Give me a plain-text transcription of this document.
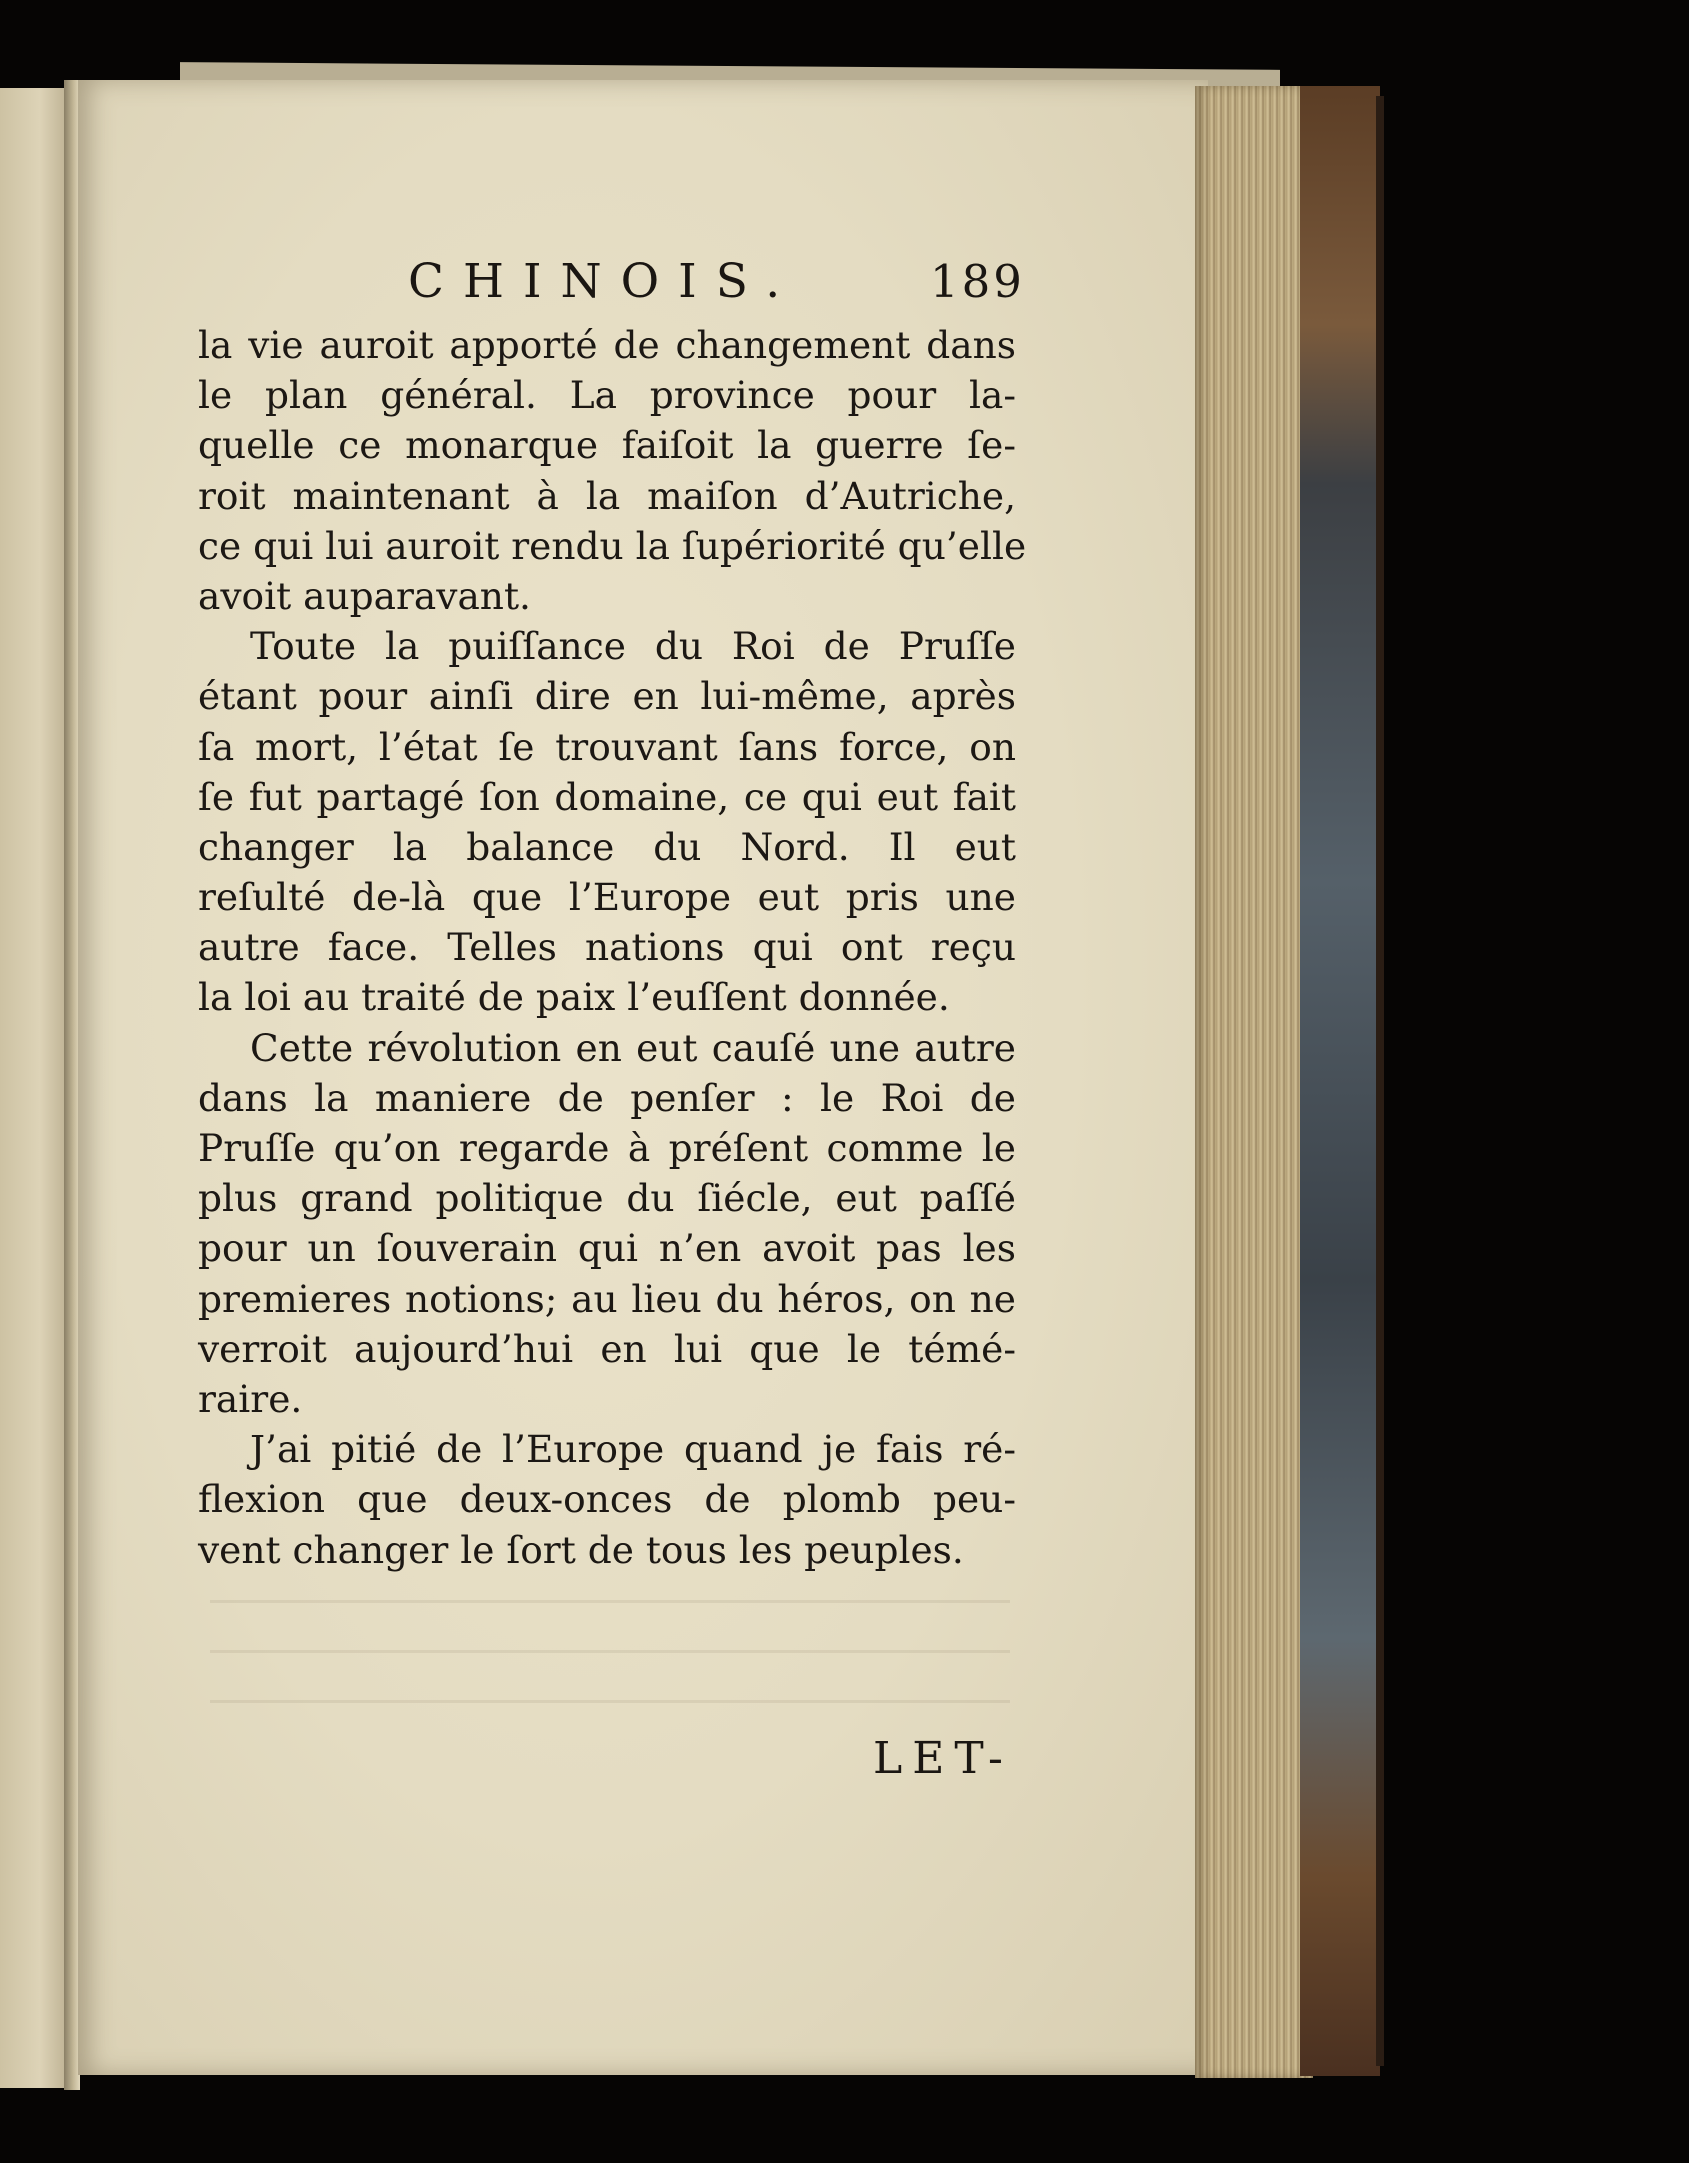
CHINOIS.	189
la vie auroit apporté de changement dans
le plan général. La province pour la-
quelle ce monarque faiſoit la guerre ſe-
roit maintenant à la maiſon d’Autriche,
ce qui lui auroit rendu la ſupériorité qu’elle
avoit auparavant.
Toute la puiſſance du Roi de Pruſſe
étant pour ainſi dire en lui-même, après
ſa mort, l’état ſe trouvant ſans force, on
ſe fut partagé ſon domaine, ce qui eut fait
changer la balance du Nord. Il eut
reſulté de-là que l’Europe eut pris une
autre face. Telles nations qui ont reçu
la loi au traité de paix l’euſſent donnée.
Cette révolution en eut cauſé une autre
dans la maniere de penſer : le Roi de
Pruſſe qu’on regarde à préſent comme le
plus grand politique du ſiécle, eut paſſé
pour un ſouverain qui n’en avoit pas les
premieres notions; au lieu du héros, on ne
verroit aujourd’hui en lui que le témé-
raire.
J’ai pitié de l’Europe quand je fais ré-
flexion que deux-onces de plomb peu-
vent changer le ſort de tous les peuples.
LET-
